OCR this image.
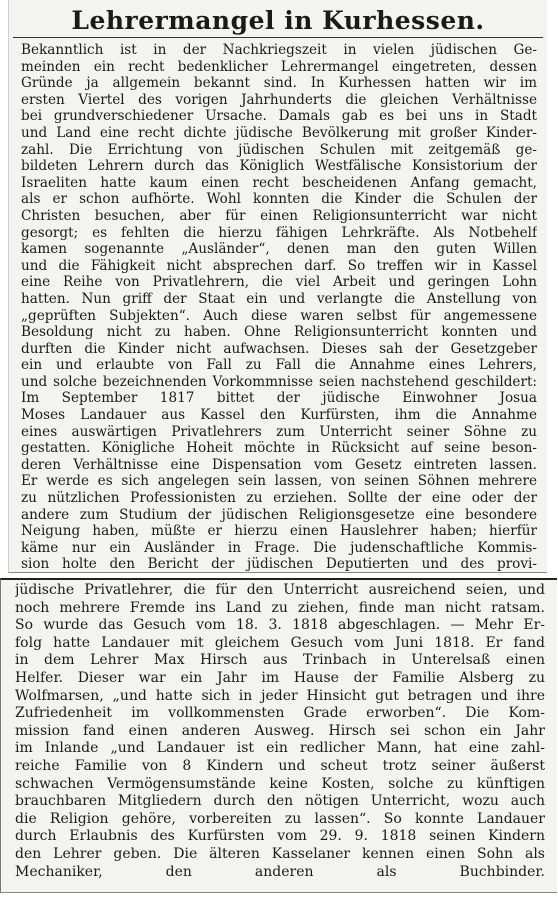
Lehrermangel in Kurhessen.
Bekanntlich ist in der Nachkriegszeit in vielen jüdischen Ge-
meinden ein recht bedenklicher Lehrermangel eingetreten, dessen
Gründe ja allgemein bekannt sind. In Kurhessen hatten wir im
ersten Viertel des vorigen Jahrhunderts die gleichen Verhältnisse
bei grundverschiedener Ursache. Damals gab es bei uns in Stadt
und Land eine recht dichte jüdische Bevölkerung mit großer Kinder-
zahl. Die Errichtung von jüdischen Schulen mit zeitgemäß ge-
bildeten Lehrern durch das Königlich Westfälische Konsistorium der
Israeliten hatte kaum einen recht bescheidenen Anfang gemacht,
als er schon aufhörte. Wohl konnten die Kinder die Schulen der
Christen besuchen, aber für einen Religionsunterricht war nicht
gesorgt; es fehlten die hierzu fähigen Lehrkräfte. Als Notbehelf
kamen sogenannte „Ausländer“, denen man den guten Willen
und die Fähigkeit nicht absprechen darf. So treffen wir in Kassel
eine Reihe von Privatlehrern, die viel Arbeit und geringen Lohn
hatten. Nun griff der Staat ein und verlangte die Anstellung von
„geprüften Subjekten“. Auch diese waren selbst für angemessene
Besoldung nicht zu haben. Ohne Religionsunterricht konnten und
durften die Kinder nicht aufwachsen. Dieses sah der Gesetzgeber
ein und erlaubte von Fall zu Fall die Annahme eines Lehrers,
und solche bezeichnenden Vorkommnisse seien nachstehend geschildert:
Im September 1817 bittet der jüdische Einwohner Josua
Moses Landauer aus Kassel den Kurfürsten, ihm die Annahme
eines auswärtigen Privatlehrers zum Unterricht seiner Söhne zu
gestatten. Königliche Hoheit möchte in Rücksicht auf seine beson-
deren Verhältnisse eine Dispensation vom Gesetz eintreten lassen.
Er werde es sich angelegen sein lassen, von seinen Söhnen mehrere
zu nützlichen Professionisten zu erziehen. Sollte der eine oder der
andere zum Studium der jüdischen Religionsgesetze eine besondere
Neigung haben, müßte er hierzu einen Hauslehrer haben; hierfür
käme nur ein Ausländer in Frage. Die judenschaftliche Kommis-
sion holte den Bericht der jüdischen Deputierten und des provi-
jüdische Privatlehrer, die für den Unterricht ausreichend seien, und
noch mehrere Fremde ins Land zu ziehen, finde man nicht ratsam.
So wurde das Gesuch vom 18. 3. 1818 abgeschlagen. — Mehr Er-
folg hatte Landauer mit gleichem Gesuch vom Juni 1818. Er fand
in dem Lehrer Max Hirsch aus Trinbach in Unterelsaß einen
Helfer. Dieser war ein Jahr im Hause der Familie Alsberg zu
Wolfmarsen, „und hatte sich in jeder Hinsicht gut betragen und ihre
Zufriedenheit im vollkommensten Grade erworben“. Die Kom-
mission fand einen anderen Ausweg. Hirsch sei schon ein Jahr
im Inlande „und Landauer ist ein redlicher Mann, hat eine zahl-
reiche Familie von 8 Kindern und scheut trotz seiner äußerst
schwachen Vermögensumstände keine Kosten, solche zu künftigen
brauchbaren Mitgliedern durch den nötigen Unterricht, wozu auch
die Religion gehöre, vorbereiten zu lassen“. So konnte Landauer
durch Erlaubnis des Kurfürsten vom 29. 9. 1818 seinen Kindern
den Lehrer geben. Die älteren Kasselaner kennen einen Sohn als
Mechaniker, den anderen als Buchbinder.
